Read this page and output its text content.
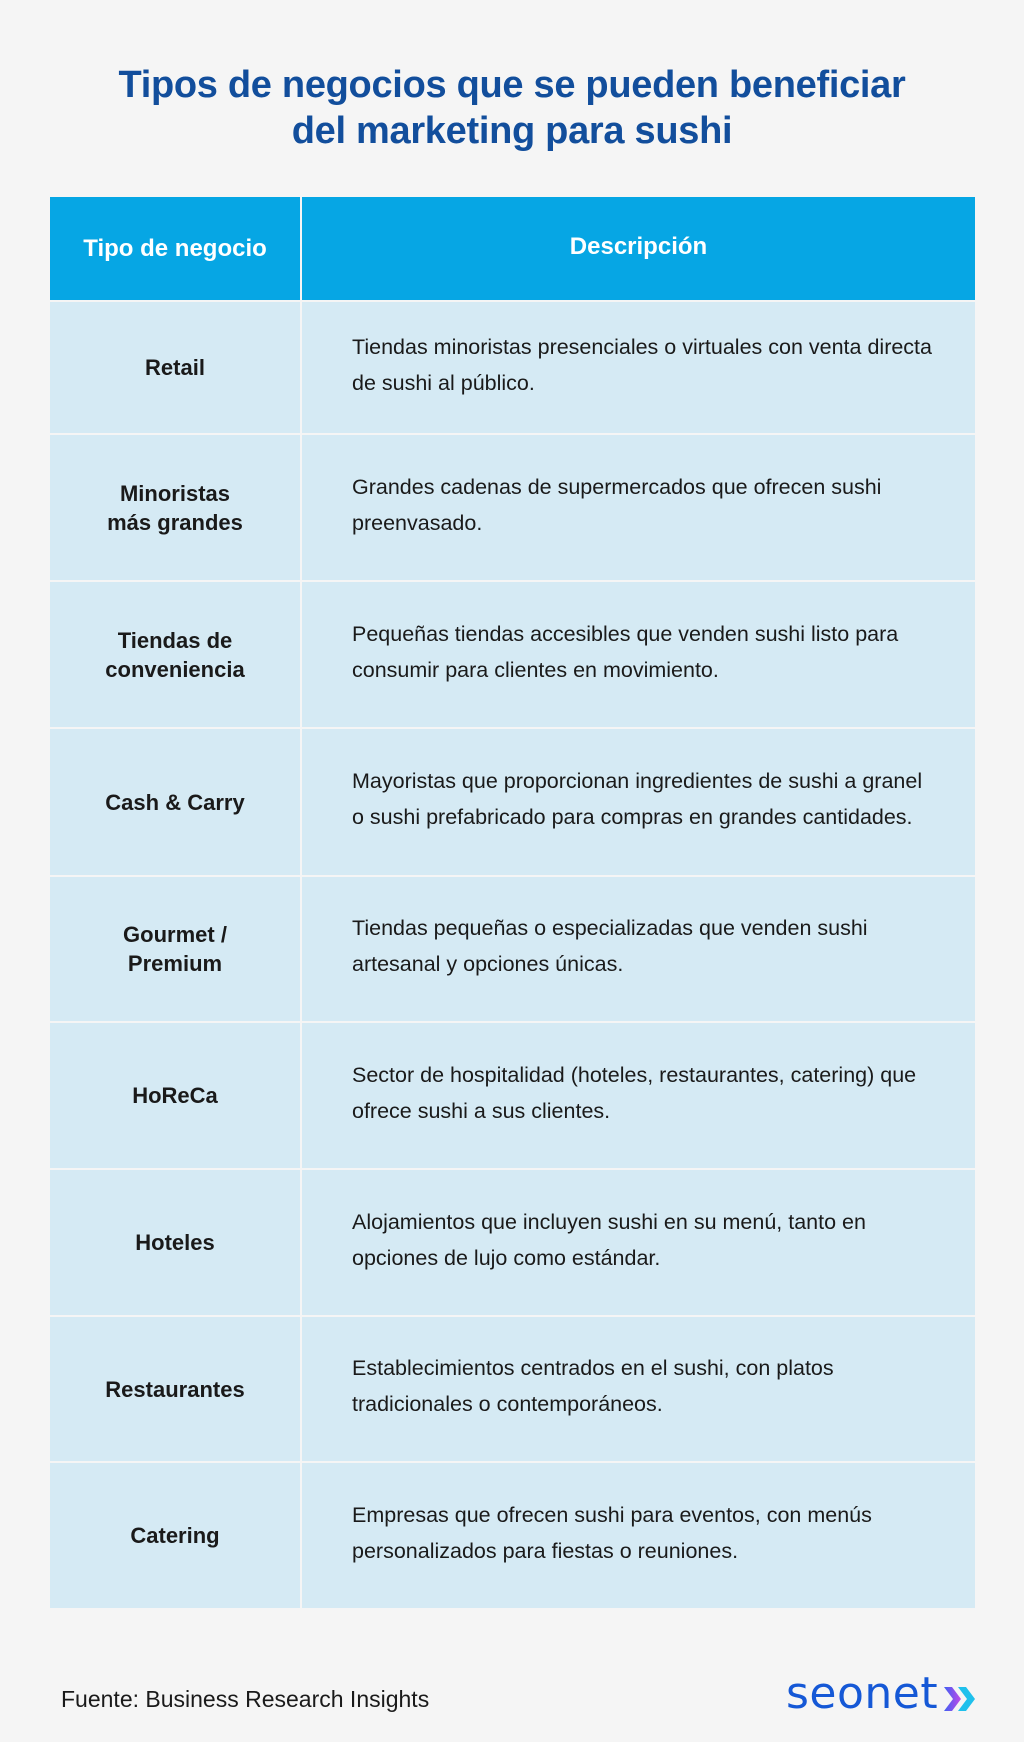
Tipos de negocios que se pueden beneficiar
del marketing para sushi
Tipo de negocio	Descripción
Retail
Tiendas minoristas presenciales o virtuales con venta directa de sushi al público.
Minoristas
más grandes
Grandes cadenas de supermercados que ofrecen sushi preenvasado.
Tiendas de
conveniencia
Pequeñas tiendas accesibles que venden sushi listo para consumir para clientes en movimiento.
Cash & Carry
Mayoristas que proporcionan ingredientes de sushi a granel o sushi prefabricado para compras en grandes cantidades.
Gourmet /
Premium
Tiendas pequeñas o especializadas que venden sushi artesanal y opciones únicas.
HoReCa
Sector de hospitalidad (hoteles, restaurantes, catering) que ofrece sushi a sus clientes.
Hoteles
Alojamientos que incluyen sushi en su menú, tanto en opciones de lujo como estándar.
Restaurantes
Establecimientos centrados en el sushi, con platos tradicionales o contemporáneos.
Catering
Empresas que ofrecen sushi para eventos, con menús personalizados para fiestas o reuniones.
Fuente: Business Research Insights	seonet
